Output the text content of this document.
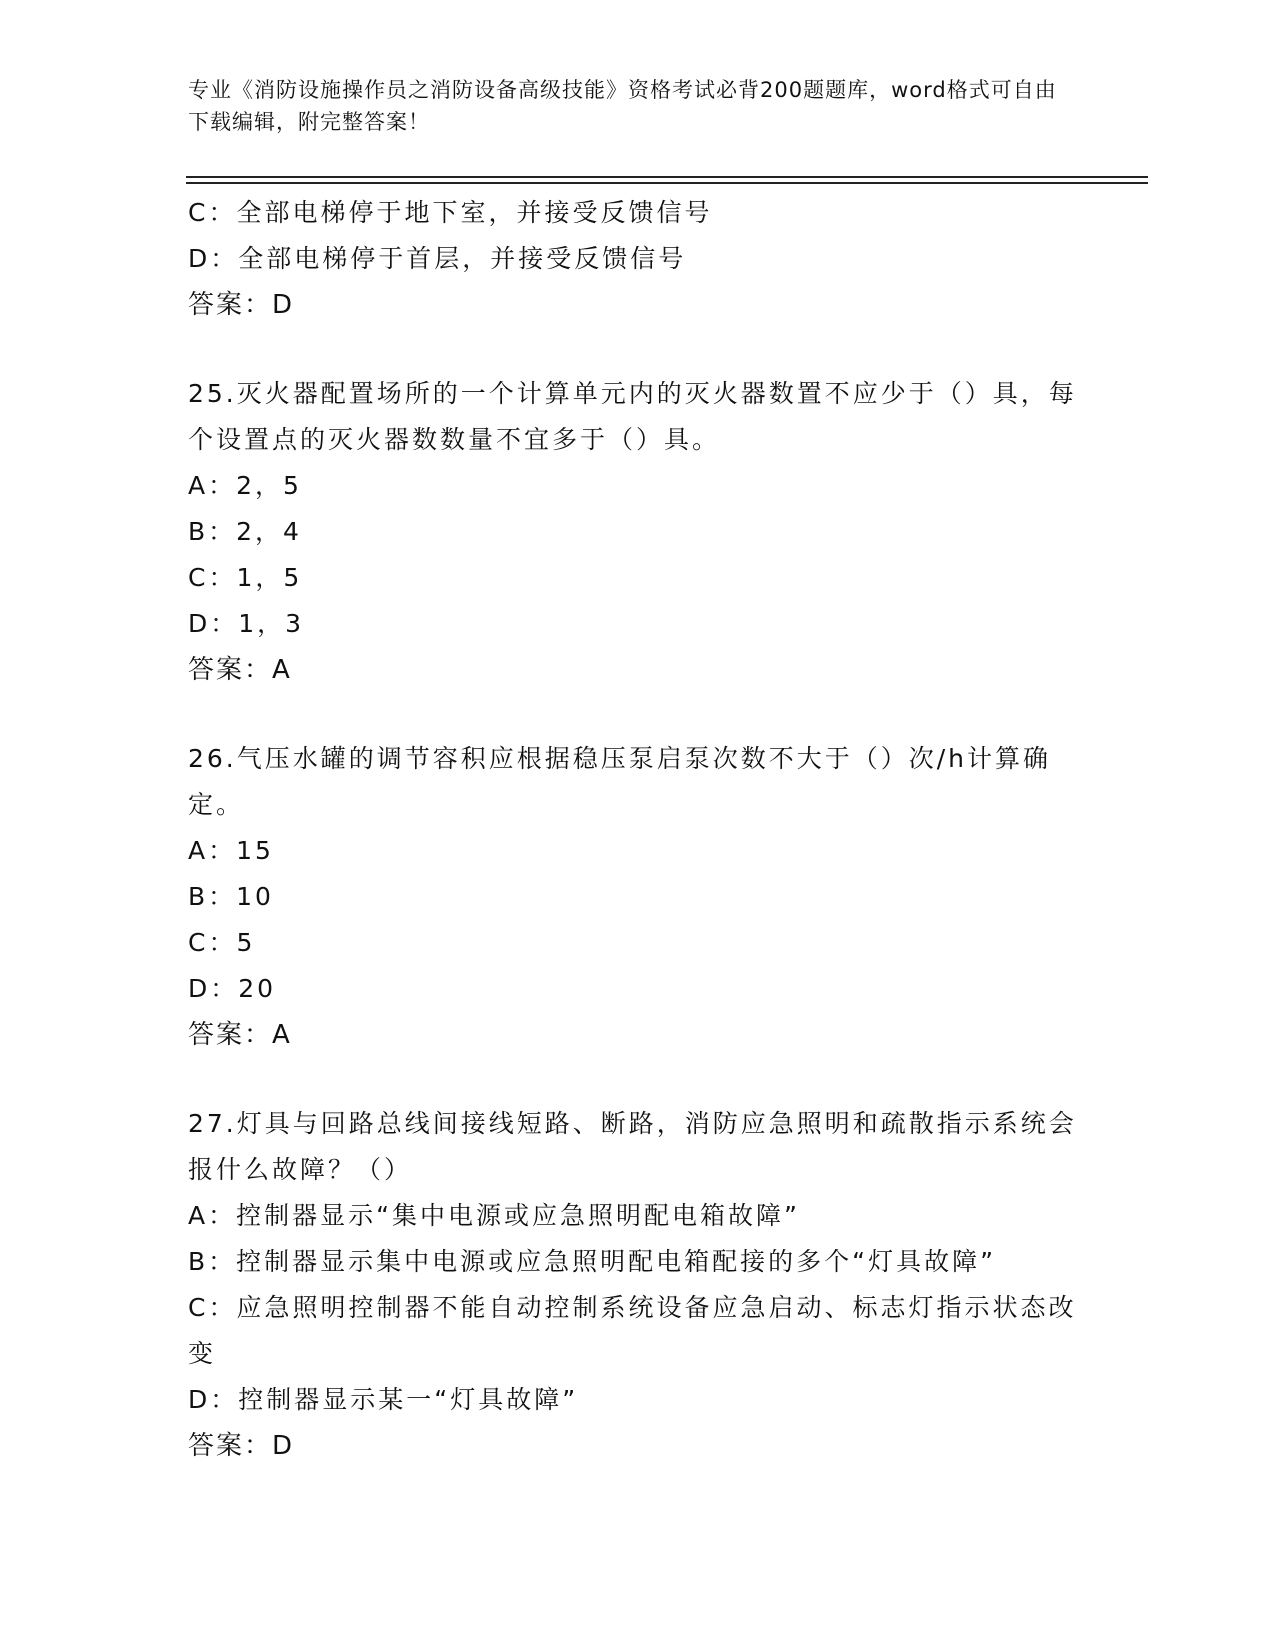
专业《消防设施操作员之消防设备高级技能》资格考试必背200题题库，word格式可自由下载编辑，附完整答案！
C：全部电梯停于地下室，并接受反馈信号
D：全部电梯停于首层，并接受反馈信号
答案：D
25.灭火器配置场所的一个计算单元内的灭火器数置不应少于（）具，每个设置点的灭火器数数量不宜多于（）具。
A：2，5
B：2，4
C：1，5
D：1，3
答案：A
26.气压水罐的调节容积应根据稳压泵启泵次数不大于（）次/h计算确定。
A：15
B：10
C：5
D：20
答案：A
27.灯具与回路总线间接线短路、断路，消防应急照明和疏散指示系统会报什么故障？（）
A：控制器显示“集中电源或应急照明配电箱故障”
B：控制器显示集中电源或应急照明配电箱配接的多个“灯具故障”
C：应急照明控制器不能自动控制系统设备应急启动、标志灯指示状态改变
D：控制器显示某一“灯具故障”
答案：D
